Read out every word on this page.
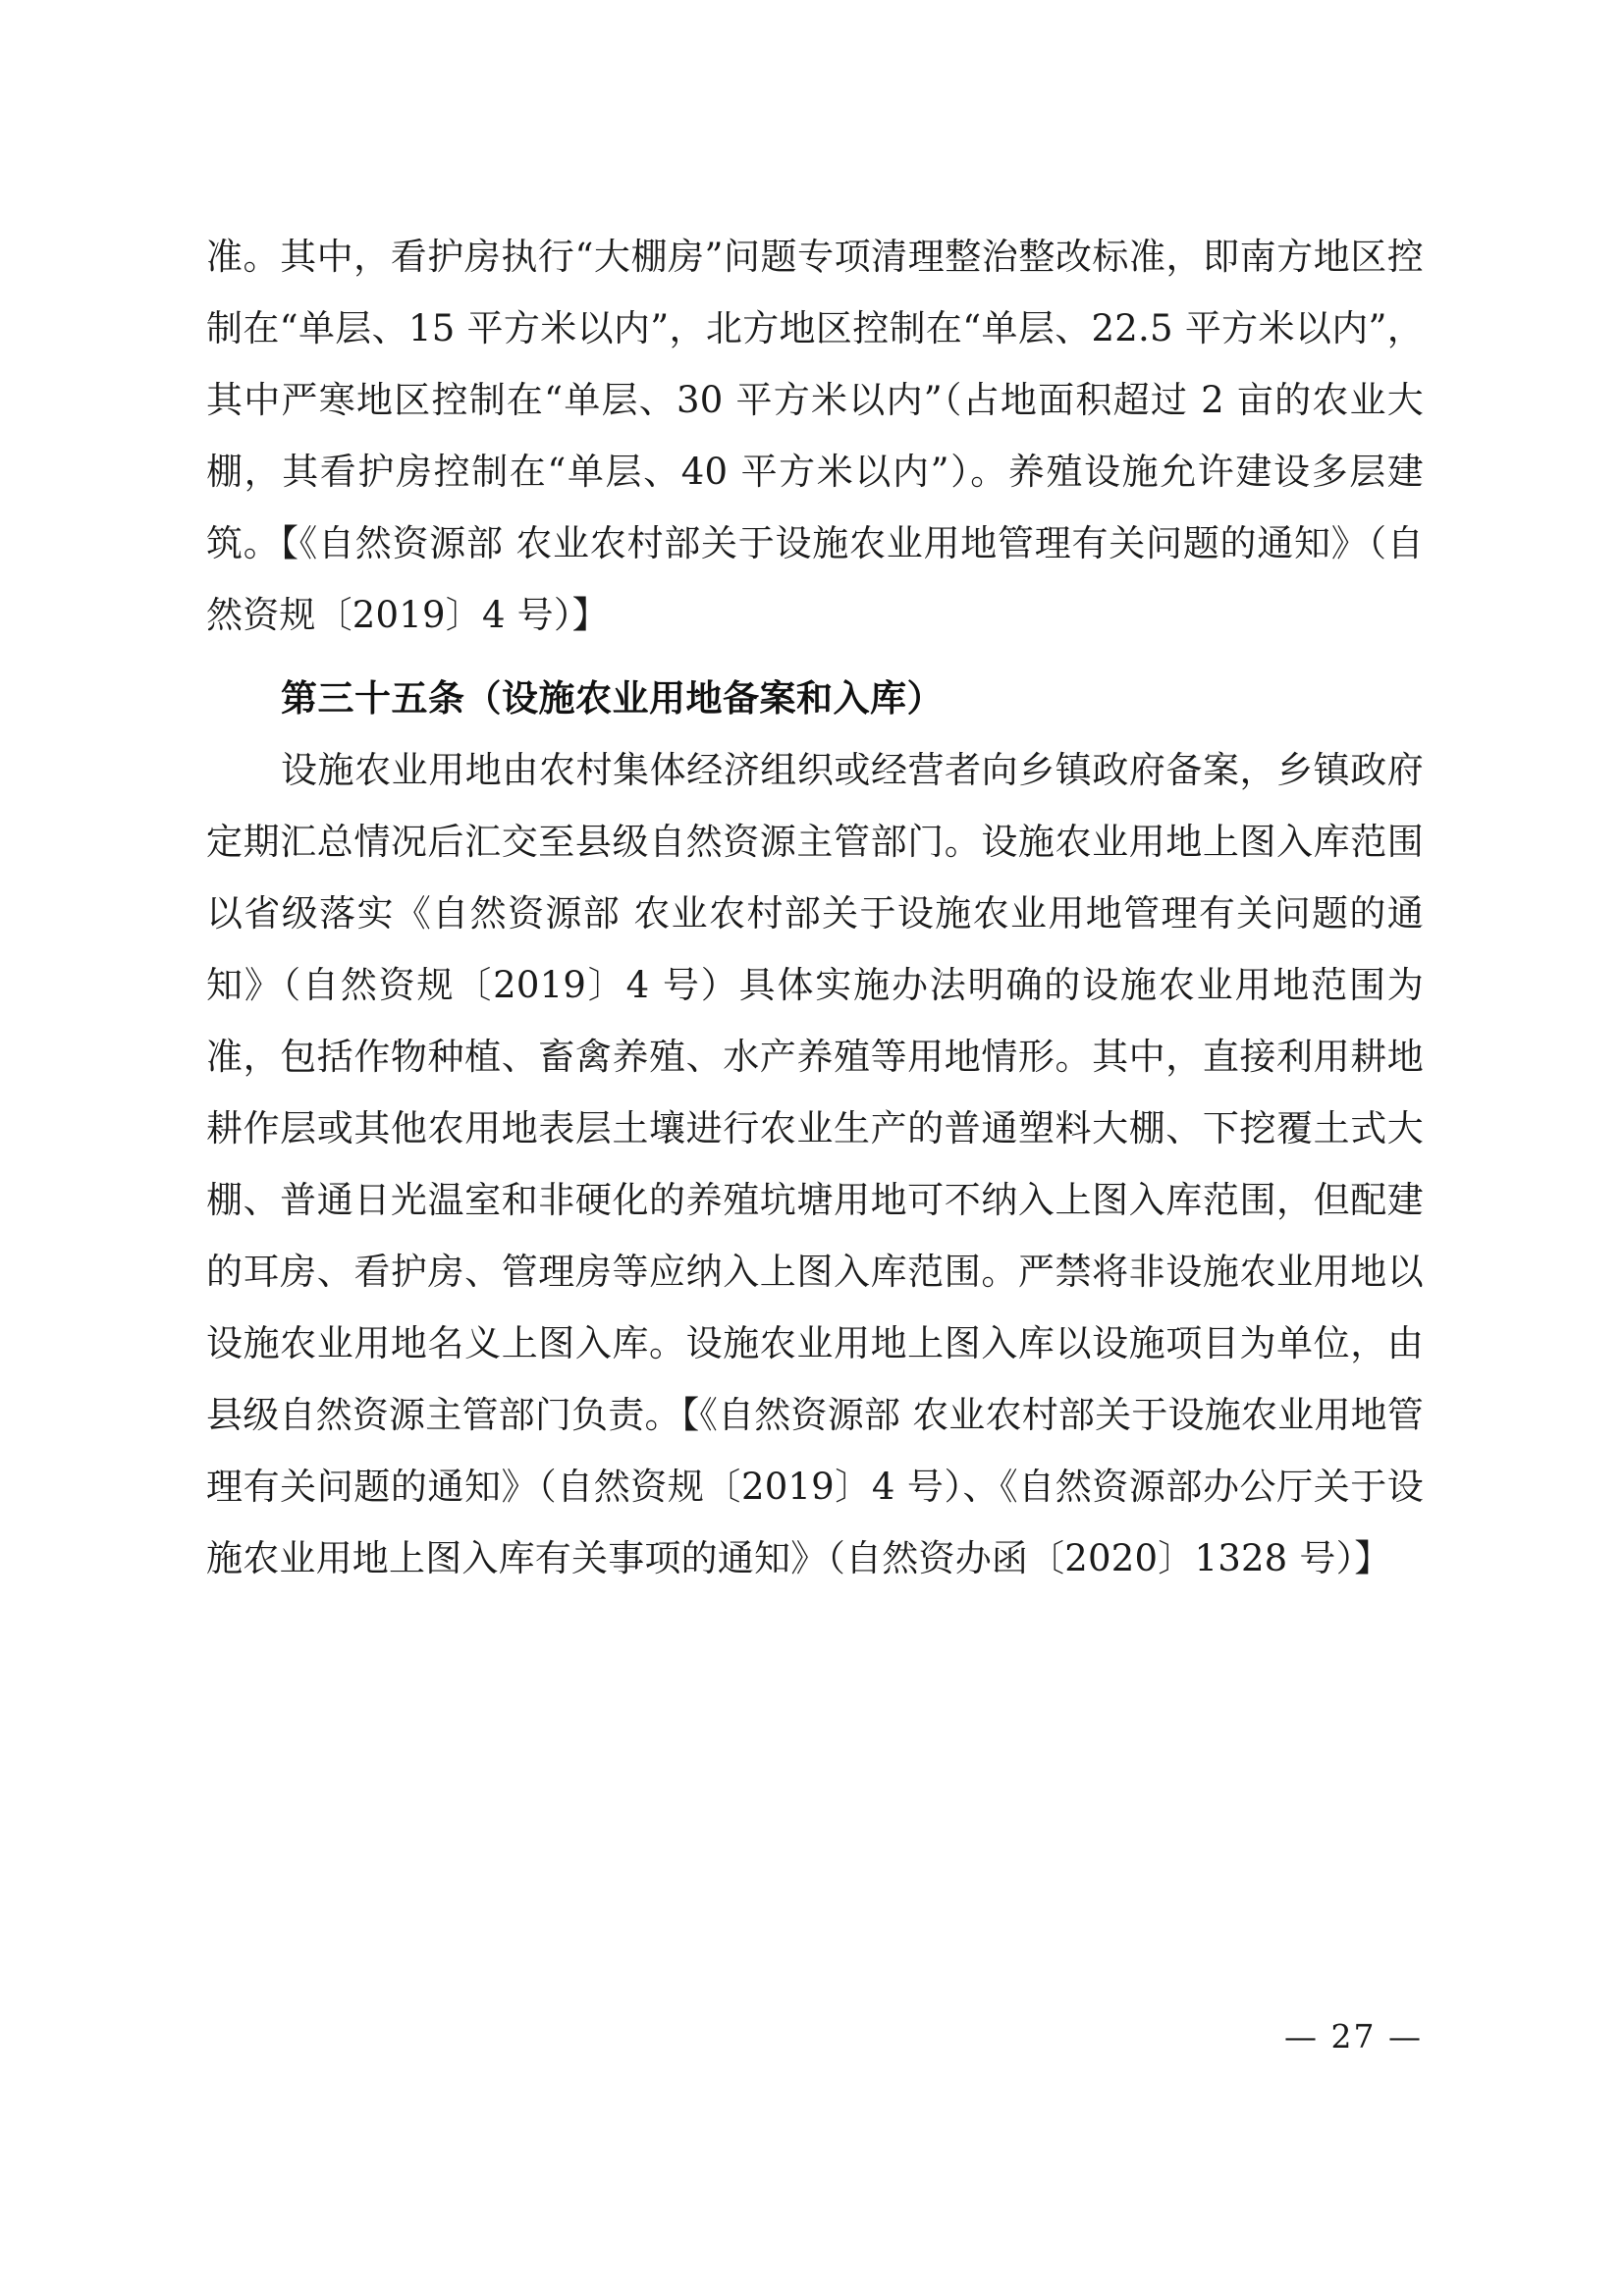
准。其中，看护房执行“大棚房”问题专项清理整治整改标准，即南方地区控制在“单层、15 平方米以内”，北方地区控制在“单层、22.5 平方米以内”，其中严寒地区控制在“单层、30 平方米以内”（占地面积超过 2 亩的农业大棚，其看护房控制在“单层、40 平方米以内”）。养殖设施允许建设多层建筑。【《自然资源部 农业农村部关于设施农业用地管理有关问题的通知》（自然资规〔2019〕4 号）】

第三十五条（设施农业用地备案和入库）

设施农业用地由农村集体经济组织或经营者向乡镇政府备案，乡镇政府定期汇总情况后汇交至县级自然资源主管部门。设施农业用地上图入库范围以省级落实《自然资源部 农业农村部关于设施农业用地管理有关问题的通知》（自然资规〔2019〕4 号）具体实施办法明确的设施农业用地范围为准，包括作物种植、畜禽养殖、水产养殖等用地情形。其中，直接利用耕地耕作层或其他农用地表层土壤进行农业生产的普通塑料大棚、下挖覆土式大棚、普通日光温室和非硬化的养殖坑塘用地可不纳入上图入库范围，但配建的耳房、看护房、管理房等应纳入上图入库范围。严禁将非设施农业用地以设施农业用地名义上图入库。设施农业用地上图入库以设施项目为单位，由县级自然资源主管部门负责。【《自然资源部 农业农村部关于设施农业用地管理有关问题的通知》（自然资规〔2019〕4 号）、《自然资源部办公厅关于设施农业用地上图入库有关事项的通知》（自然资办函〔2020〕1328 号）】

— 27 —
